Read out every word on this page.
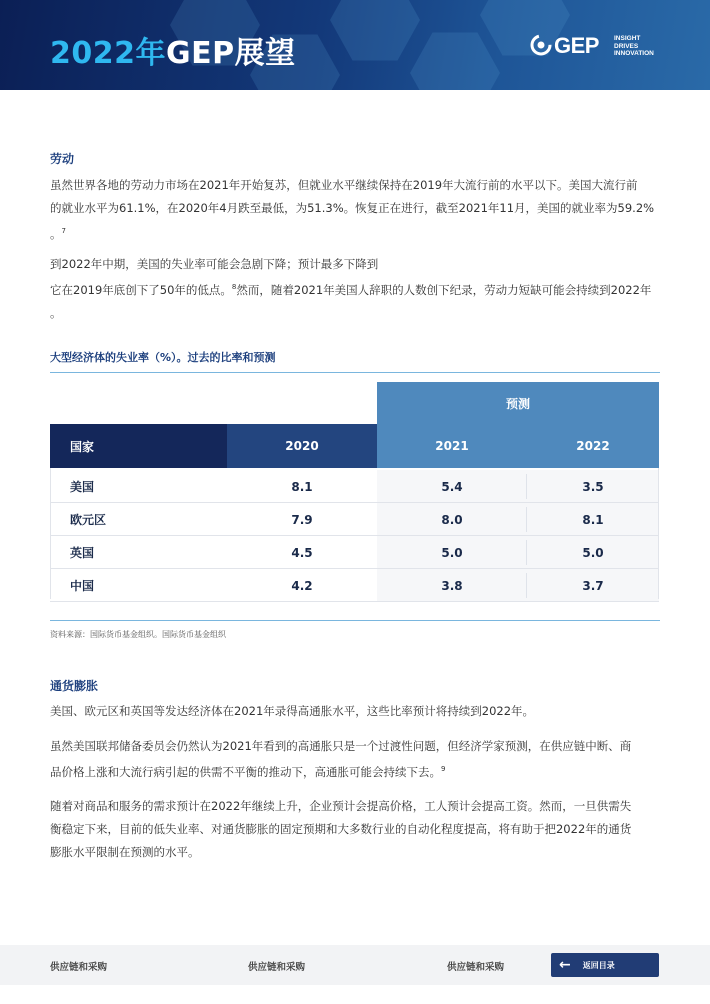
2022年GEP展望	GEP INSIGHT
DRIVES
INNOVATION
劳动
虽然世界各地的劳动力市场在2021年开始复苏，但就业水平继续保持在2019年大流行前的水平以下。美国大流行前
的就业水平为61.1%，在2020年4月跌至最低，为51.3%。恢复正在进行，截至2021年11月，美国的就业率为59.2%
。$^7$
到2022年中期，美国的失业率可能会急剧下降；预计最多下降到
它在2019年底创下了50年的低点。$^8$然而，随着2021年美国人辞职的人数创下纪录，劳动力短缺可能会持续到2022年
。
大型经济体的失业率（%）。过去的比率和预测
预测
国家	2020	2021	2022
美国	8.1	5.4	3.5
欧元区	7.9	8.0	8.1
英国	4.5	5.0	5.0
中国	4.2	3.8	3.7
资料来源：国际货币基金组织。国际货币基金组织
通货膨胀
美国、欧元区和英国等发达经济体在2021年录得高通胀水平，这些比率预计将持续到2022年。
虽然美国联邦储备委员会仍然认为2021年看到的高通胀只是一个过渡性问题，但经济学家预测，在供应链中断、商
品价格上涨和大流行病引起的供需不平衡的推动下，高通胀可能会持续下去。$^9$
随着对商品和服务的需求预计在2022年继续上升，企业预计会提高价格，工人预计会提高工资。然而，一旦供需失
衡稳定下来，目前的低失业率、对通货膨胀的固定预期和大多数行业的自动化程度提高，将有助于把2022年的通货
膨胀水平限制在预测的水平。
供应链和采购	供应链和采购	供应链和采购	← 返回目录
